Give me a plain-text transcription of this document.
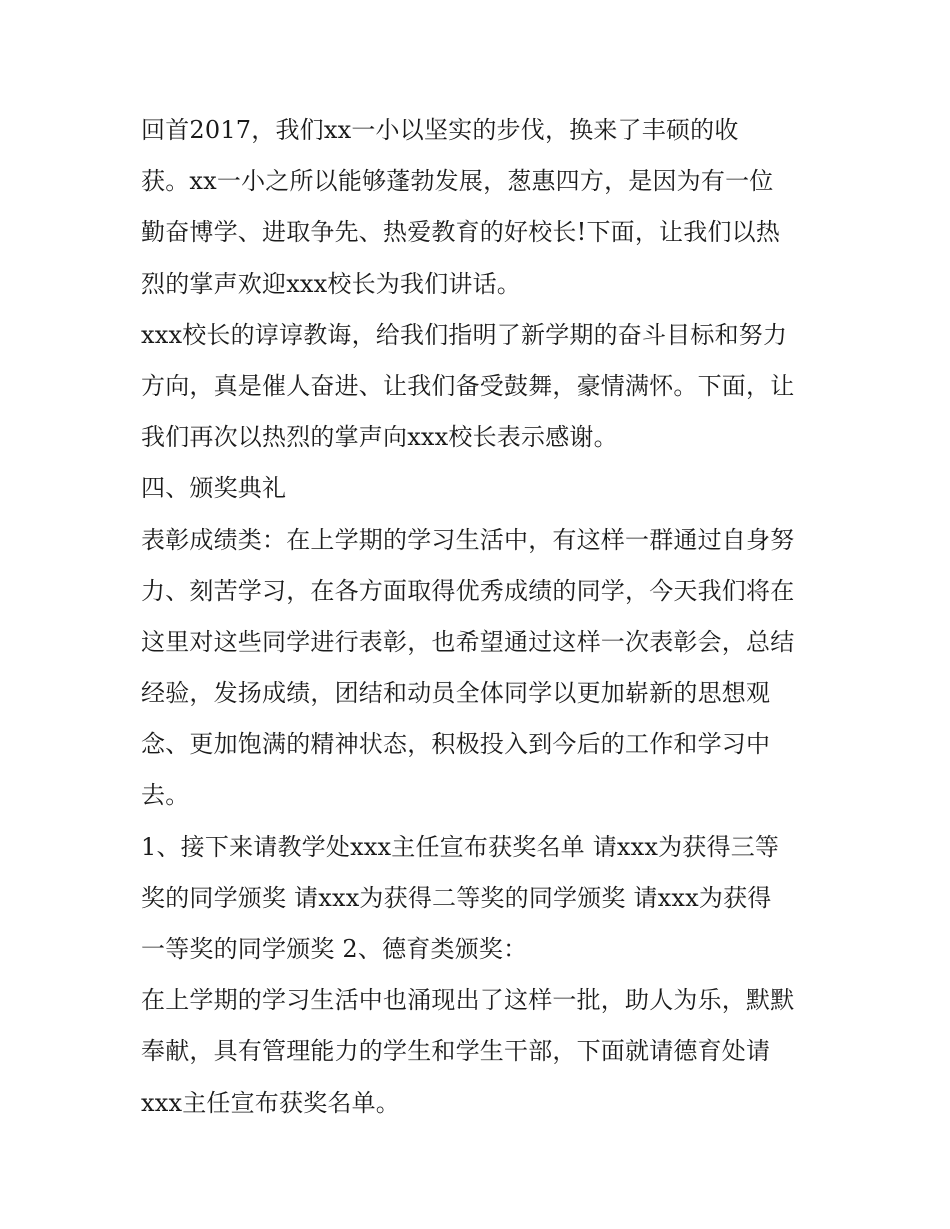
回首2017，我们xx一小以坚实的步伐，换来了丰硕的收
获。xx一小之所以能够蓬勃发展，葱惠四方，是因为有一位
勤奋博学、进取争先、热爱教育的好校长!下面，让我们以热
烈的掌声欢迎xxx校长为我们讲话。
xxx校长的谆谆教诲，给我们指明了新学期的奋斗目标和努力
方向，真是催人奋进、让我们备受鼓舞，豪情满怀。下面，让
我们再次以热烈的掌声向xxx校长表示感谢。
四、颁奖典礼
表彰成绩类：在上学期的学习生活中，有这样一群通过自身努
力、刻苦学习，在各方面取得优秀成绩的同学，今天我们将在
这里对这些同学进行表彰，也希望通过这样一次表彰会，总结
经验，发扬成绩，团结和动员全体同学以更加崭新的思想观
念、更加饱满的精神状态，积极投入到今后的工作和学习中
去。
1、接下来请教学处xxx主任宣布获奖名单 请xxx为获得三等
奖的同学颁奖 请xxx为获得二等奖的同学颁奖 请xxx为获得
一等奖的同学颁奖 2、德育类颁奖：
在上学期的学习生活中也涌现出了这样一批，助人为乐，默默
奉献，具有管理能力的学生和学生干部，下面就请德育处请
xxx主任宣布获奖名单。
